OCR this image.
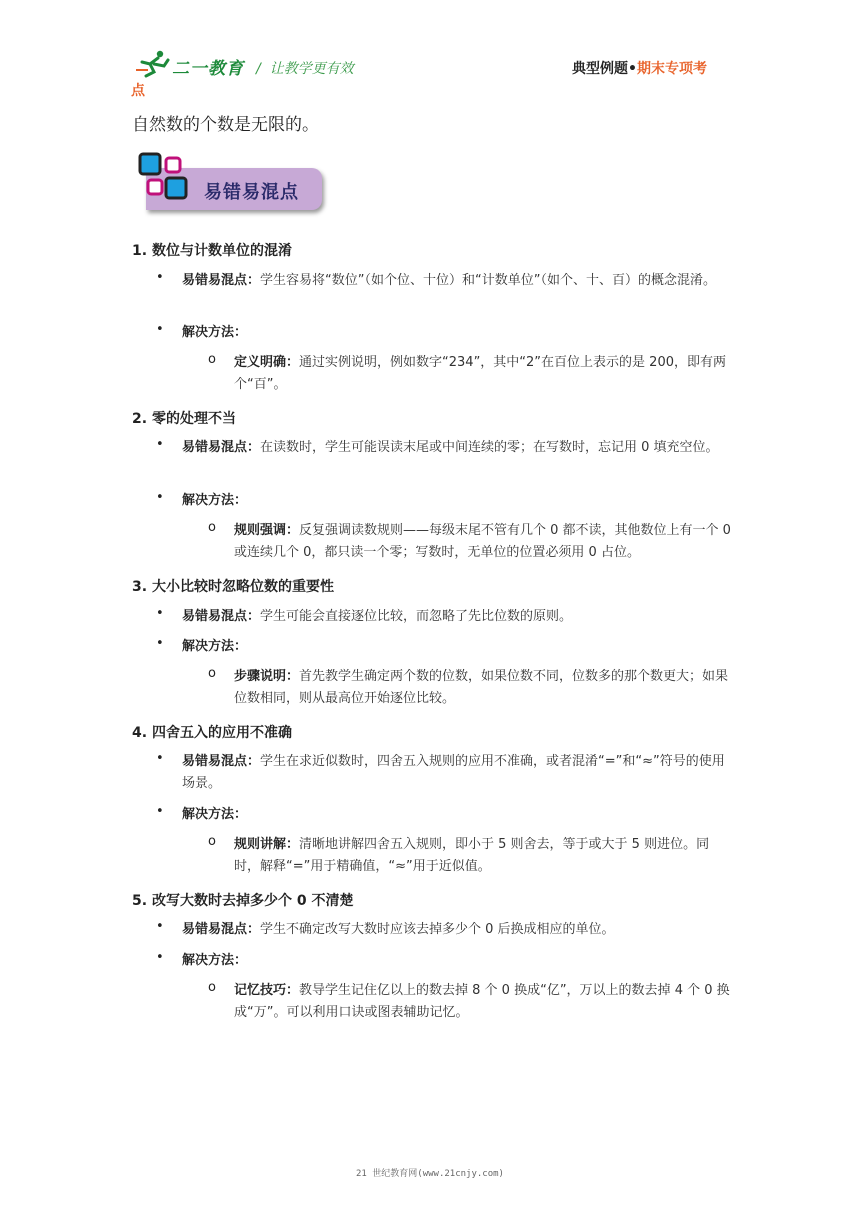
二一教育 / 让教学更有效	典型例题•期末专项考
点
自然数的个数是无限的。
易错易混点
1. 数位与计数单位的混淆
• 易错易混点：学生容易将“数位”（如个位、十位）和“计数单位”（如个、十、百）的概念混淆。
• 解决方法：
o 定义明确：通过实例说明，例如数字“234”，其中“2”在百位上表示的是 200，即有两个“百”。
2. 零的处理不当
• 易错易混点：在读数时，学生可能误读末尾或中间连续的零；在写数时，忘记用 0 填充空位。
• 解决方法：
o 规则强调：反复强调读数规则——每级末尾不管有几个 0 都不读，其他数位上有一个 0 或连续几个 0，都只读一个零；写数时，无单位的位置必须用 0 占位。
3. 大小比较时忽略位数的重要性
• 易错易混点：学生可能会直接逐位比较，而忽略了先比位数的原则。
• 解决方法：
o 步骤说明：首先教学生确定两个数的位数，如果位数不同，位数多的那个数更大；如果位数相同，则从最高位开始逐位比较。
4. 四舍五入的应用不准确
• 易错易混点：学生在求近似数时，四舍五入规则的应用不准确，或者混淆“=”和“≈”符号的使用场景。
• 解决方法：
o 规则讲解：清晰地讲解四舍五入规则，即小于 5 则舍去，等于或大于 5 则进位。同时，解释“=”用于精确值，“≈”用于近似值。
5. 改写大数时去掉多少个 0 不清楚
• 易错易混点：学生不确定改写大数时应该去掉多少个 0 后换成相应的单位。
• 解决方法：
o 记忆技巧：教导学生记住亿以上的数去掉 8 个 0 换成“亿”，万以上的数去掉 4 个 0 换成“万”。可以利用口诀或图表辅助记忆。
21 世纪教育网(www.21cnjy.com)
